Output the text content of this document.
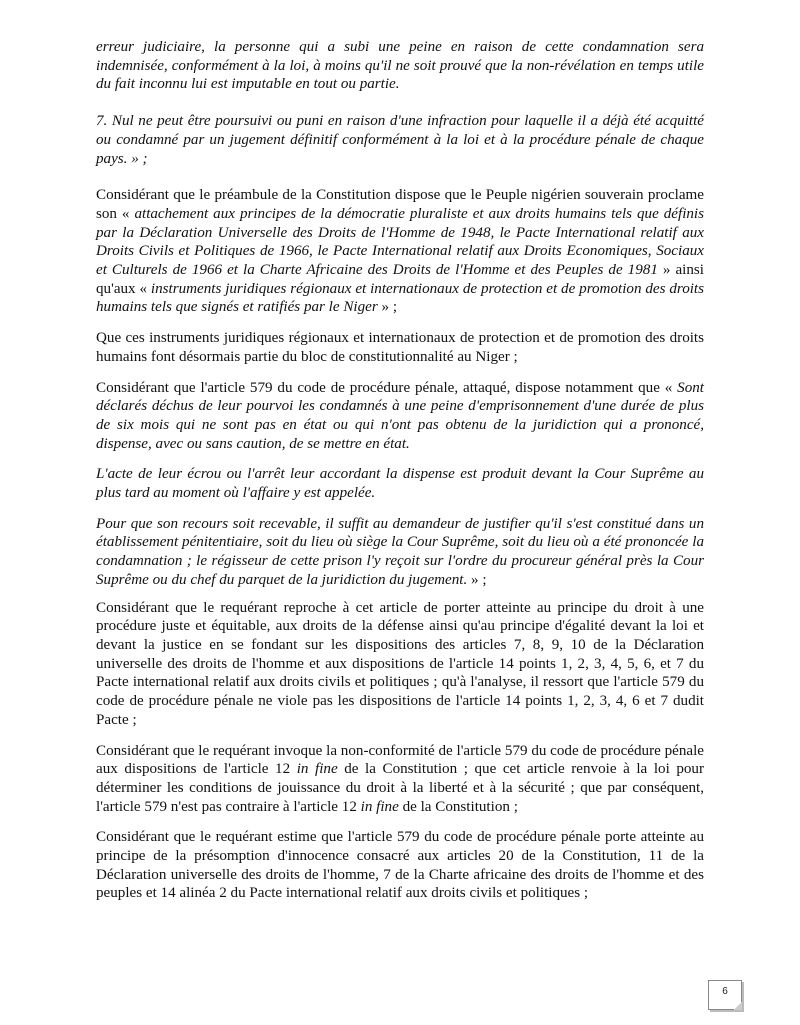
erreur judiciaire, la personne qui a subi une peine en raison de cette condamnation sera indemnisée, conformément à la loi, à moins qu'il ne soit prouvé que la non-révélation en temps utile du fait inconnu lui est imputable en tout ou partie.

7. Nul ne peut être poursuivi ou puni en raison d'une infraction pour laquelle il a déjà été acquitté ou condamné par un jugement définitif conformément à la loi et à la procédure pénale de chaque pays. » ;

Considérant que le préambule de la Constitution dispose que le Peuple nigérien souverain proclame son « attachement aux principes de la démocratie pluraliste et aux droits humains tels que définis par la Déclaration Universelle des Droits de l'Homme de 1948, le Pacte International relatif aux Droits Civils et Politiques de 1966, le Pacte International relatif aux Droits Economiques, Sociaux et Culturels de 1966 et la Charte Africaine des Droits de l'Homme et des Peuples de 1981 » ainsi qu'aux « instruments juridiques régionaux et internationaux de protection et de promotion des droits humains tels que signés et ratifiés par le Niger » ;

Que ces instruments juridiques régionaux et internationaux de protection et de promotion des droits humains font désormais partie du bloc de constitutionnalité au Niger ;

Considérant que l'article 579 du code de procédure pénale, attaqué, dispose notamment que « Sont déclarés déchus de leur pourvoi les condamnés à une peine d'emprisonnement d'une durée de plus de six mois qui ne sont pas en état ou qui n'ont pas obtenu de la juridiction qui a prononcé, dispense, avec ou sans caution, de se mettre en état.

L'acte de leur écrou ou l'arrêt leur accordant la dispense est produit devant la Cour Suprême au plus tard au moment où l'affaire y est appelée.

Pour que son recours soit recevable, il suffit au demandeur de justifier qu'il s'est constitué dans un établissement pénitentiaire, soit du lieu où siège la Cour Suprême, soit du lieu où a été prononcée la condamnation ; le régisseur de cette prison l'y reçoit sur l'ordre du procureur général près la Cour Suprême ou du chef du parquet de la juridiction du jugement. » ;

Considérant que le requérant reproche à cet article de porter atteinte au principe du droit à une procédure juste et équitable, aux droits de la défense ainsi qu'au principe d'égalité devant la loi et devant la justice en se fondant sur les dispositions des articles 7, 8, 9, 10 de la Déclaration universelle des droits de l'homme et aux dispositions de l'article 14 points 1, 2, 3, 4, 5, 6, et 7 du Pacte international relatif aux droits civils et politiques ; qu'à l'analyse, il ressort que l'article 579 du code de procédure pénale ne viole pas les dispositions de l'article 14 points 1, 2, 3, 4, 6 et 7 dudit Pacte ;

Considérant que le requérant invoque la non-conformité de l'article 579 du code de procédure pénale aux dispositions de l'article 12 in fine de la Constitution ; que cet article renvoie à la loi pour déterminer les conditions de jouissance du droit à la liberté et à la sécurité ; que par conséquent, l'article 579 n'est pas contraire à l'article 12 in fine de la Constitution ;

Considérant que le requérant estime que l'article 579 du code de procédure pénale porte atteinte au principe de la présomption d'innocence consacré aux articles 20 de la Constitution, 11 de la Déclaration universelle des droits de l'homme, 7 de la Charte africaine des droits de l'homme et des peuples et 14 alinéa 2 du Pacte international relatif aux droits civils et politiques ;

6
